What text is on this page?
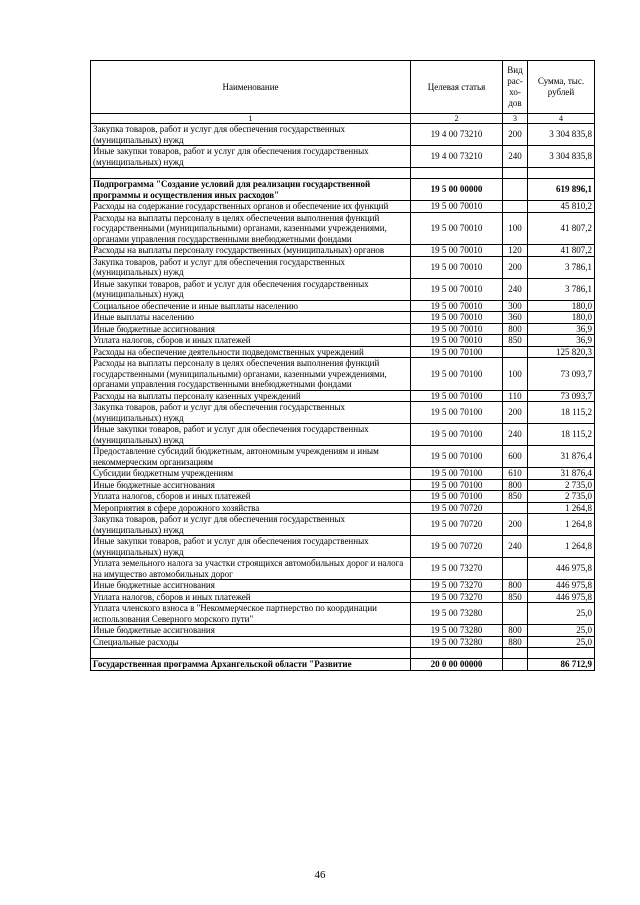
Наименование	Целевая статья	Вид рас-хо-дов	Сумма, тыс. рублей
1	2	3	4
Закупка товаров, работ и услуг для обеспечения государственных (муниципальных) нужд	19 4 00 73210	200	3 304 835,8
Иные закупки товаров, работ и услуг для обеспечения государственных (муниципальных) нужд	19 4 00 73210	240	3 304 835,8

Подпрограмма "Создание условий для реализации государственной программы и осуществления иных расходов"	19 5 00 00000		619 896,1
Расходы на содержание государственных органов и обеспечение их функций	19 5 00 70010		45 810,2
Расходы на выплаты персоналу в целях обеспечения выполнения функций государственными (муниципальными) органами, казенными учреждениями, органами управления государственными внебюджетными фондами	19 5 00 70010	100	41 807,2
Расходы на выплаты персоналу государственных (муниципальных) органов	19 5 00 70010	120	41 807,2
Закупка товаров, работ и услуг для обеспечения государственных (муниципальных) нужд	19 5 00 70010	200	3 786,1
Иные закупки товаров, работ и услуг для обеспечения государственных (муниципальных) нужд	19 5 00 70010	240	3 786,1
Социальное обеспечение и иные выплаты населению	19 5 00 70010	300	180,0
Иные выплаты населению	19 5 00 70010	360	180,0
Иные бюджетные ассигнования	19 5 00 70010	800	36,9
Уплата налогов, сборов и иных платежей	19 5 00 70010	850	36,9
Расходы на обеспечение деятельности подведомственных учреждений	19 5 00 70100		125 820,3
Расходы на выплаты персоналу в целях обеспечения выполнения функций государственными (муниципальными) органами, казенными учреждениями, органами управления государственными внебюджетными фондами	19 5 00 70100	100	73 093,7
Расходы на выплаты персоналу казенных учреждений	19 5 00 70100	110	73 093,7
Закупка товаров, работ и услуг для обеспечения государственных (муниципальных) нужд	19 5 00 70100	200	18 115,2
Иные закупки товаров, работ и услуг для обеспечения государственных (муниципальных) нужд	19 5 00 70100	240	18 115,2
Предоставление субсидий бюджетным, автономным учреждениям и иным некоммерческим организациям	19 5 00 70100	600	31 876,4
Субсидии бюджетным учреждениям	19 5 00 70100	610	31 876,4
Иные бюджетные ассигнования	19 5 00 70100	800	2 735,0
Уплата налогов, сборов и иных платежей	19 5 00 70100	850	2 735,0
Мероприятия в сфере дорожного хозяйства	19 5 00 70720		1 264,8
Закупка товаров, работ и услуг для обеспечения государственных (муниципальных) нужд	19 5 00 70720	200	1 264,8
Иные закупки товаров, работ и услуг для обеспечения государственных (муниципальных) нужд	19 5 00 70720	240	1 264,8
Уплата земельного налога за участки строящихся автомобильных дорог и налога на имущество автомобильных дорог	19 5 00 73270		446 975,8
Иные бюджетные ассигнования	19 5 00 73270	800	446 975,8
Уплата налогов, сборов и иных платежей	19 5 00 73270	850	446 975,8
Уплата членского взноса в "Некоммерческое партнерство по координации использования Северного морского пути"	19 5 00 73280		25,0
Иные бюджетные ассигнования	19 5 00 73280	800	25,0
Специальные расходы	19 5 00 73280	880	25,0

Государственная программа Архангельской области "Развитие	20 0 00 00000		86 712,9
46
